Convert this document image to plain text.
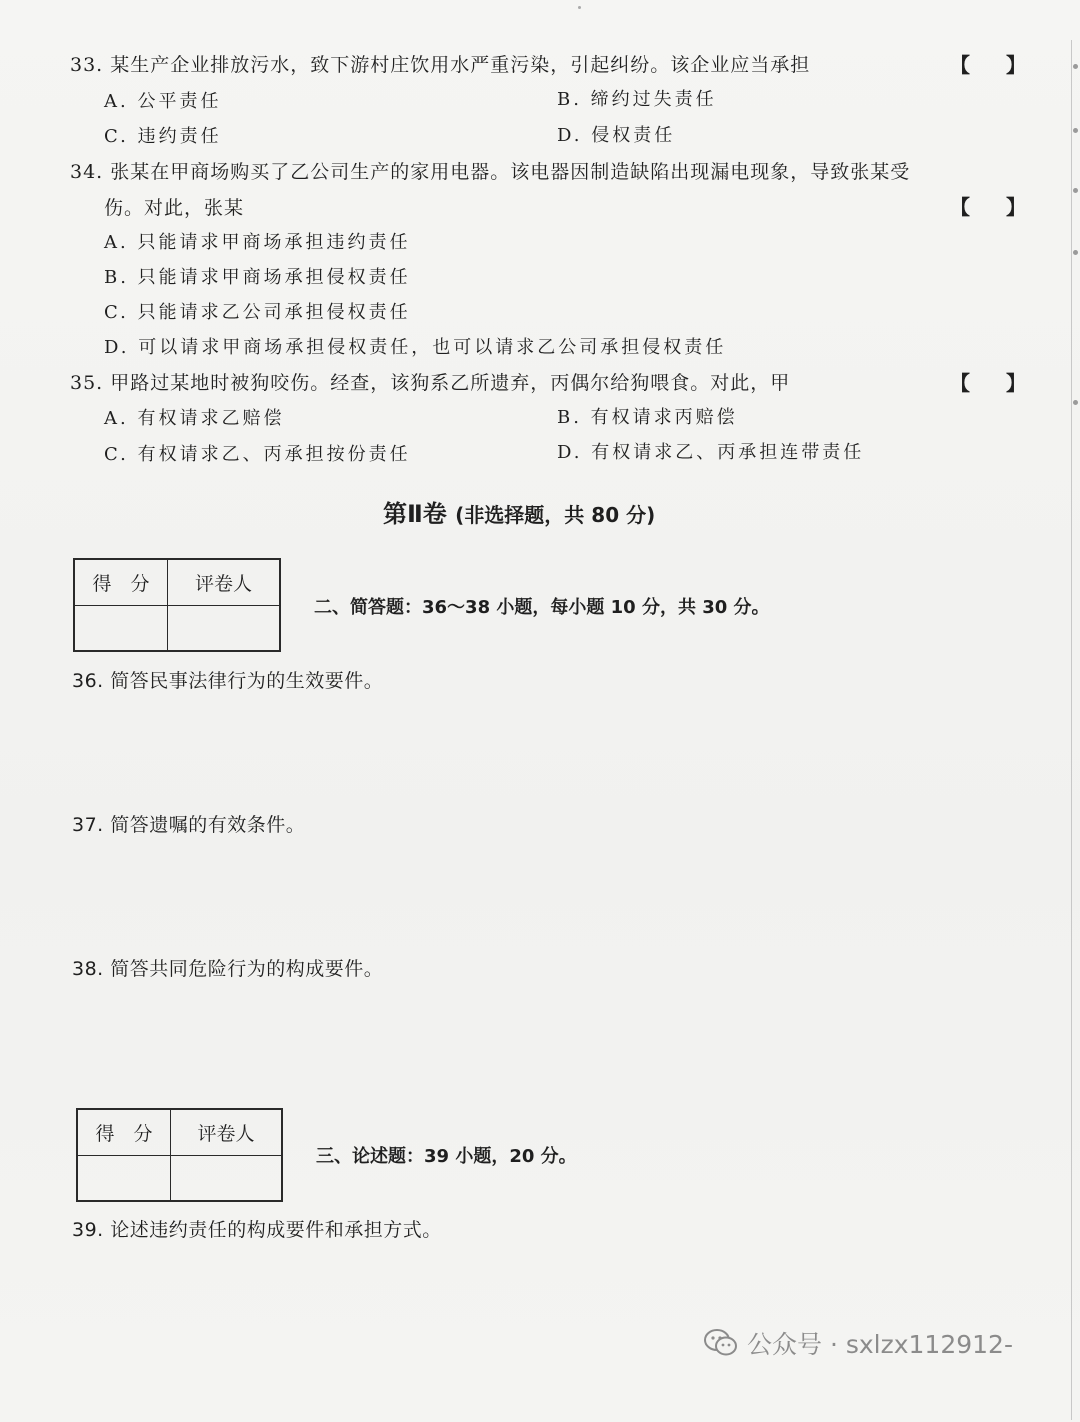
33. 某生产企业排放污水，致下游村庄饮用水严重污染，引起纠纷。该企业应当承担	【 】
A. 公平责任	B. 缔约过失责任
C. 违约责任	D. 侵权责任
34. 张某在甲商场购买了乙公司生产的家用电器。该电器因制造缺陷出现漏电现象，导致张某受
伤。对此，张某	【 】
A. 只能请求甲商场承担违约责任
B. 只能请求甲商场承担侵权责任
C. 只能请求乙公司承担侵权责任
D. 可以请求甲商场承担侵权责任，也可以请求乙公司承担侵权责任
35. 甲路过某地时被狗咬伤。经查，该狗系乙所遗弃，丙偶尔给狗喂食。对此，甲	【 】
A. 有权请求乙赔偿	B. 有权请求丙赔偿
C. 有权请求乙、丙承担按份责任	D. 有权请求乙、丙承担连带责任
第Ⅱ卷 (非选择题，共 80 分)
得　分	评卷人

二、简答题：36～38 小题，每小题 10 分，共 30 分。
36. 简答民事法律行为的生效要件。
37. 简答遗嘱的有效条件。
38. 简答共同危险行为的构成要件。
得　分	评卷人

三、论述题：39 小题，20 分。
39. 论述违约责任的构成要件和承担方式。
公众号 · sxlzx112912-
